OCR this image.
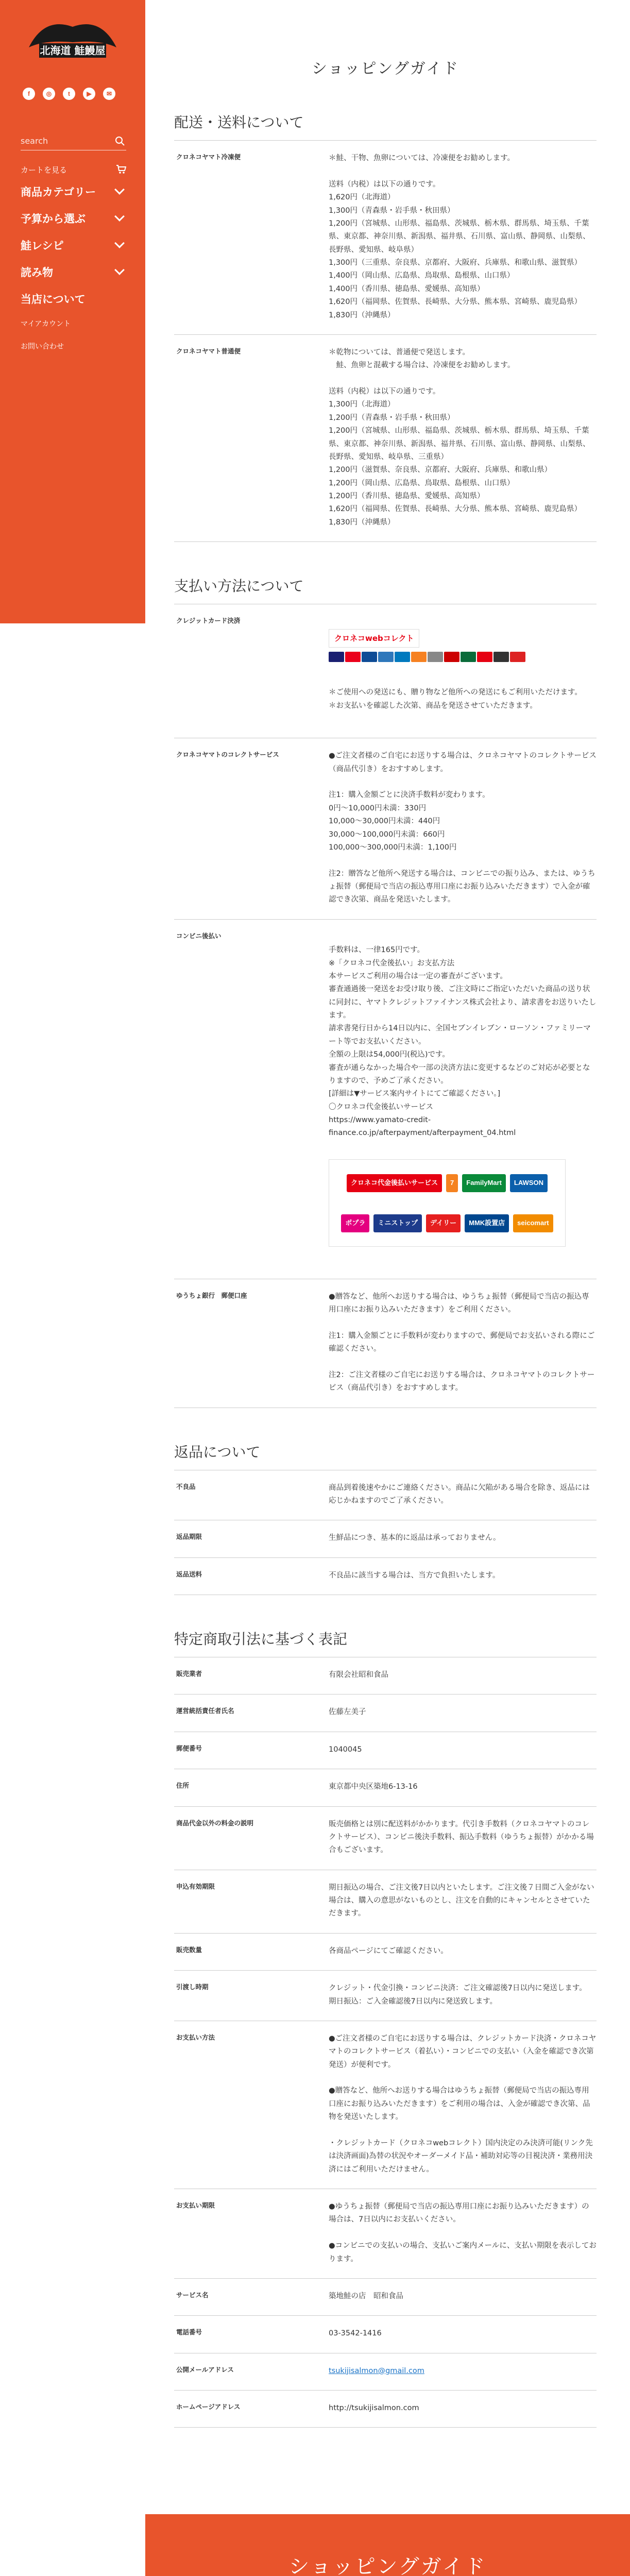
北海道 鮭鰻屋
f	◎	t	▶	✉
search
カートを見る
商品カテゴリー
予算から選ぶ
鮭レシピ
読み物
当店について
マイアカウント
お問い合わせ
ショッピングガイド
配送・送料について
クロネコヤマト冷凍便	＊鮭、干物、魚卵については、冷凍便をお勧めします。

送料（内税）は以下の通りです。
1,620円（北海道）
1,300円（青森県・岩手県・秋田県）
1,200円（宮城県、山形県、福島県、茨城県、栃木県、群馬県、埼玉県、千葉県、東京都、神奈川県、新潟県、福井県、石川県、富山県、静岡県、山梨県、長野県、愛知県、岐阜県）
1,300円（三重県、奈良県、京都府、大阪府、兵庫県、和歌山県、滋賀県）
1,400円（岡山県、広島県、鳥取県、島根県、山口県）
1,400円（香川県、徳島県、愛媛県、高知県）
1,620円（福岡県、佐賀県、長崎県、大分県、熊本県、宮崎県、鹿児島県）
1,830円（沖縄県）
クロネコヤマト普通便	＊乾物については、普通便で発送します。
　鮭、魚卵と混載する場合は、冷凍便をお勧めします。

送料（内税）は以下の通りです。
1,300円（北海道）
1,200円（青森県・岩手県・秋田県）
1,200円（宮城県、山形県、福島県、茨城県、栃木県、群馬県、埼玉県、千葉県、東京都、神奈川県、新潟県、福井県、石川県、富山県、静岡県、山梨県、長野県、愛知県、岐阜県、三重県）
1,200円（滋賀県、奈良県、京都府、大阪府、兵庫県、和歌山県）
1,200円（岡山県、広島県、鳥取県、島根県、山口県）
1,200円（香川県、徳島県、愛媛県、高知県）
1,620円（福岡県、佐賀県、長崎県、大分県、熊本県、宮崎県、鹿児島県）
1,830円（沖縄県）
支払い方法について
クレジットカード決済

クロネコwebコレクト

＊ご使用への発送にも、贈り物など他所への発送にもご利用いただけます。
＊お支払いを確認した次第、商品を発送させていただきます。

クロネコヤマトのコレクトサービス	●ご注文者様のご自宅にお送りする場合は、クロネコヤマトのコレクトサービス（商品代引き）をおすすめします。

注1：購入金額ごとに決済手数料が変わります。
0円～10,000円未満：330円
10,000～30,000円未満：440円
30,000～100,000円未満：660円
100,000～300,000円未満：1,100円

注2：贈答など他所へ発送する場合は、コンビニでの振り込み、または、ゆうちょ振替（郵便局で当店の振込専用口座にお振り込みいただきます）で入金が確認でき次第、商品を発送いたします。
コンビニ後払い

手数料は、一律165円です。
※「クロネコ代金後払い」お支払方法
本サービスご利用の場合は一定の審査がございます。
審査通過後一発送をお受け取り後、ご注文時にご指定いただいた商品の送り状に同封に、ヤマトクレジットファイナンス株式会社より、請求書をお送りいたします。
請求書発行日から14日以内に、全国セブンイレブン・ローソン・ファミリーマート等でお支払いください。
全額の上限は54,000円(税込)です。
審査が通らなかった場合や一部の決済方法に変更するなどのご対応が必要となりますので、予めご了承ください。
[詳細は▼サービス案内サイトにてご確認ください。]
〇クロネコ代金後払いサービス
https://www.yamato-credit-finance.co.jp/afterpayment/afterpayment_04.html

クロネコ代金後払いサービス	7	FamilyMart	LAWSON
ポプラ	ミニストップ	デイリー	MMK設置店	seicomart

ゆうちょ銀行　郵便口座	●贈答など、他所へお送りする場合は、ゆうちょ振替（郵便局で当店の振込専用口座にお振り込みいただきます）をご利用ください。

注1：購入金額ごとに手数料が変わりますので、郵便局でお支払いされる際にご確認ください。

注2：ご注文者様のご自宅にお送りする場合は、クロネコヤマトのコレクトサービス（商品代引き）をおすすめします。
返品について
不良品	商品到着後速やかにご連絡ください。商品に欠陥がある場合を除き、返品には応じかねますのでご了承ください。
返品期限	生鮮品につき、基本的に返品は承っておりません。
返品送料	不良品に該当する場合は、当方で負担いたします。
特定商取引法に基づく表記
販売業者	有限会社昭和食品
運営統括責任者氏名	佐藤左美子
郵便番号	1040045
住所	東京都中央区築地6-13-16
商品代金以外の料金の説明	販売価格とは別に配送料がかかります。代引き手数料（クロネコヤマトのコレクトサービス）、コンビニ後決手数料、振込手数料（ゆうちょ振替）がかかる場合もございます。
申込有効期限	期日振込の場合、ご注文後7日以内といたします。ご注文後７日間ご入金がない場合は、購入の意思がないものとし、注文を自動的にキャンセルとさせていただきます。
販売数量	各商品ページにてご確認ください。
引渡し時期	クレジット・代金引換・コンビニ決済：ご注文確認後7日以内に発送します。
期日振込：ご入金確認後7日以内に発送致します。
お支払い方法	●ご注文者様のご自宅にお送りする場合は、クレジットカード決済・クロネコヤマトのコレクトサービス（着払い）・コンビニでの支払い（入金を確認でき次第発送）が便利です。

●贈答など、他所へお送りする場合はゆうちょ振替（郵便局で当店の振込専用口座にお振り込みいただきます）をご利用の場合は、入金が確認でき次第、品物を発送いたします。

・クレジットカード（クロネコwebコレクト）国内決定のみ決済可能(リンク先は決済画面)為替の状況やオーダーメイド品・補助対応等の目視決済・業務用決済にはご利用いただけません。
お支払い期限	●ゆうちょ振替（郵便局で当店の振込専用口座にお振り込みいただきます）の場合は、7日以内にお支払いください。

●コンビニでの支払いの場合、支払いご案内メールに、支払い期限を表示しております。
サービス名	築地鮭の店　昭和食品
電話番号	03-3542-1416
公開メールアドレス	tsukijisalmon@gmail.com
ホームページアドレス	http://tsukijisalmon.com
ショッピングガイド
